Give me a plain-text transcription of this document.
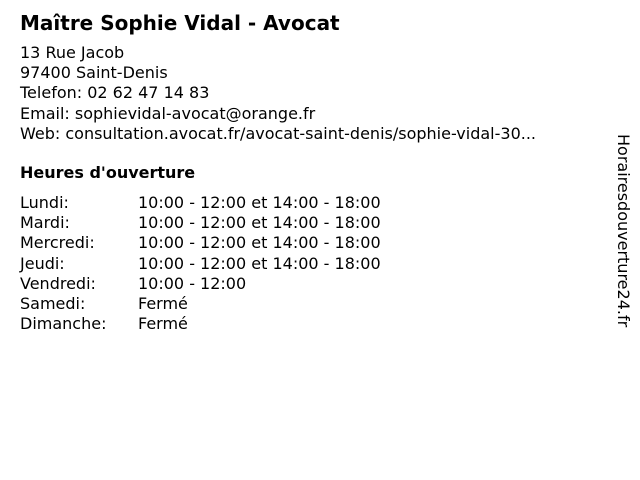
Maître Sophie Vidal - Avocat
13 Rue Jacob
97400 Saint-Denis
Telefon: 02 62 47 14 83
Email: sophievidal-avocat@orange.fr
Web: consultation.avocat.fr/avocat-saint-denis/sophie-vidal-30...
Heures d'ouverture
Lundi:	10:00 - 12:00 et 14:00 - 18:00
Mardi:	10:00 - 12:00 et 14:00 - 18:00
Mercredi:	10:00 - 12:00 et 14:00 - 18:00
Jeudi:	10:00 - 12:00 et 14:00 - 18:00
Vendredi:	10:00 - 12:00
Samedi:	Fermé
Dimanche:	Fermé	Horairesdouverture24.fr
